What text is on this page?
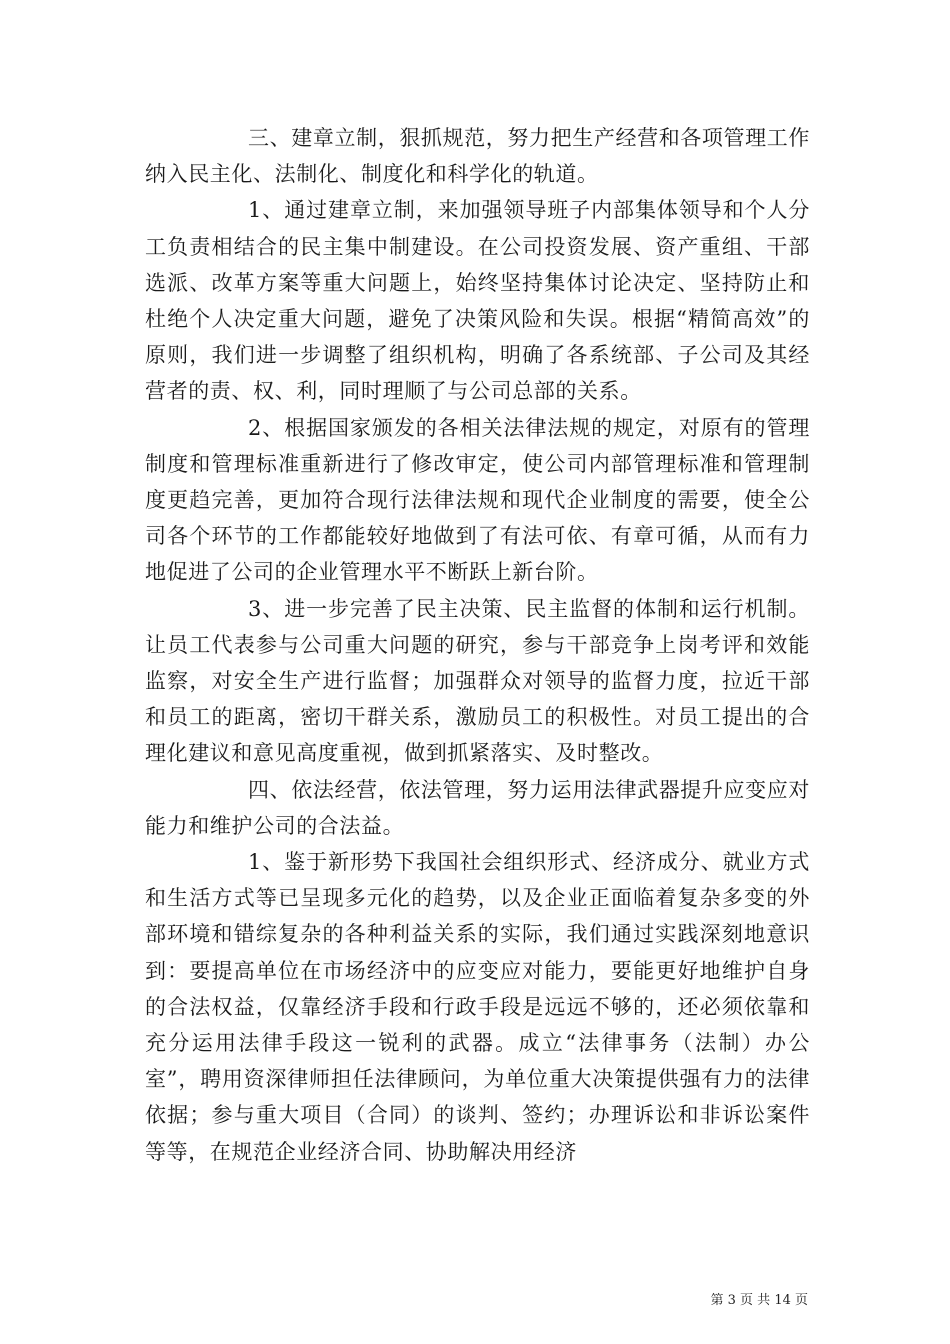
三、建章立制，狠抓规范，努力把生产经营和各项管理工作纳入民主化、法制化、制度化和科学化的轨道。

1、通过建章立制，来加强领导班子内部集体领导和个人分工负责相结合的民主集中制建设。在公司投资发展、资产重组、干部选派、改革方案等重大问题上，始终坚持集体讨论决定、坚持防止和杜绝个人决定重大问题，避免了决策风险和失误。根据“精简高效”的原则，我们进一步调整了组织机构，明确了各系统部、子公司及其经营者的责、权、利，同时理顺了与公司总部的关系。

2、根据国家颁发的各相关法律法规的规定，对原有的管理制度和管理标准重新进行了修改审定，使公司内部管理标准和管理制度更趋完善，更加符合现行法律法规和现代企业制度的需要，使全公司各个环节的工作都能较好地做到了有法可依、有章可循，从而有力地促进了公司的企业管理水平不断跃上新台阶。

3、进一步完善了民主决策、民主监督的体制和运行机制。让员工代表参与公司重大问题的研究，参与干部竞争上岗考评和效能监察，对安全生产进行监督；加强群众对领导的监督力度，拉近干部和员工的距离，密切干群关系，激励员工的积极性。对员工提出的合理化建议和意见高度重视，做到抓紧落实、及时整改。

四、依法经营，依法管理，努力运用法律武器提升应变应对能力和维护公司的合法益。

1、鉴于新形势下我国社会组织形式、经济成分、就业方式和生活方式等已呈现多元化的趋势，以及企业正面临着复杂多变的外部环境和错综复杂的各种利益关系的实际，我们通过实践深刻地意识到：要提高单位在市场经济中的应变应对能力，要能更好地维护自身的合法权益，仅靠经济手段和行政手段是远远不够的，还必须依靠和充分运用法律手段这一锐利的武器。成立“法律事务（法制）办公室”，聘用资深律师担任法律顾问，为单位重大决策提供强有力的法律依据；参与重大项目（合同）的谈判、签约；办理诉讼和非诉讼案件等等，在规范企业经济合同、协助解决用经济

第 3 页 共 14 页
